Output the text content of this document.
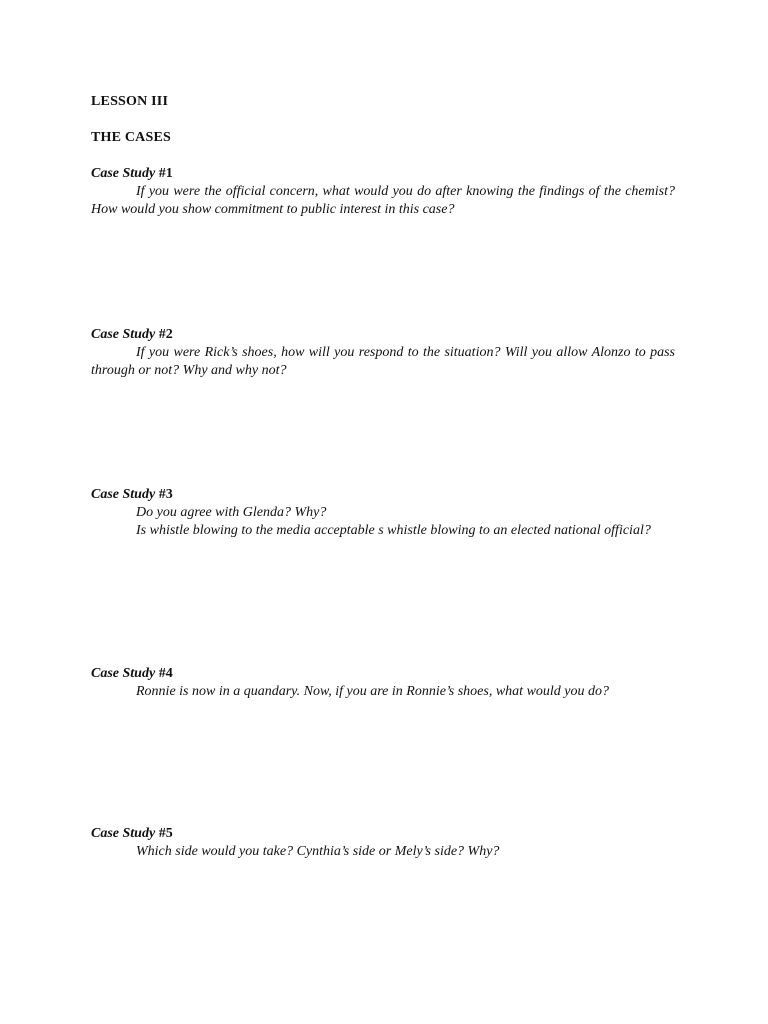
LESSON III
THE CASES
Case Study #1

If you were the official concern, what would you do after knowing the findings of the chemist? How would you show commitment to public interest in this case?

Case Study #2

If you were Rick’s shoes, how will you respond to the situation? Will you allow Alonzo to pass through or not? Why and why not?

Case Study #3

Do you agree with Glenda? Why?

Is whistle blowing to the media acceptable s whistle blowing to an elected national official?

Case Study #4

Ronnie is now in a quandary. Now, if you are in Ronnie’s shoes, what would you do?

Case Study #5

Which side would you take? Cynthia’s side or Mely’s side? Why?
